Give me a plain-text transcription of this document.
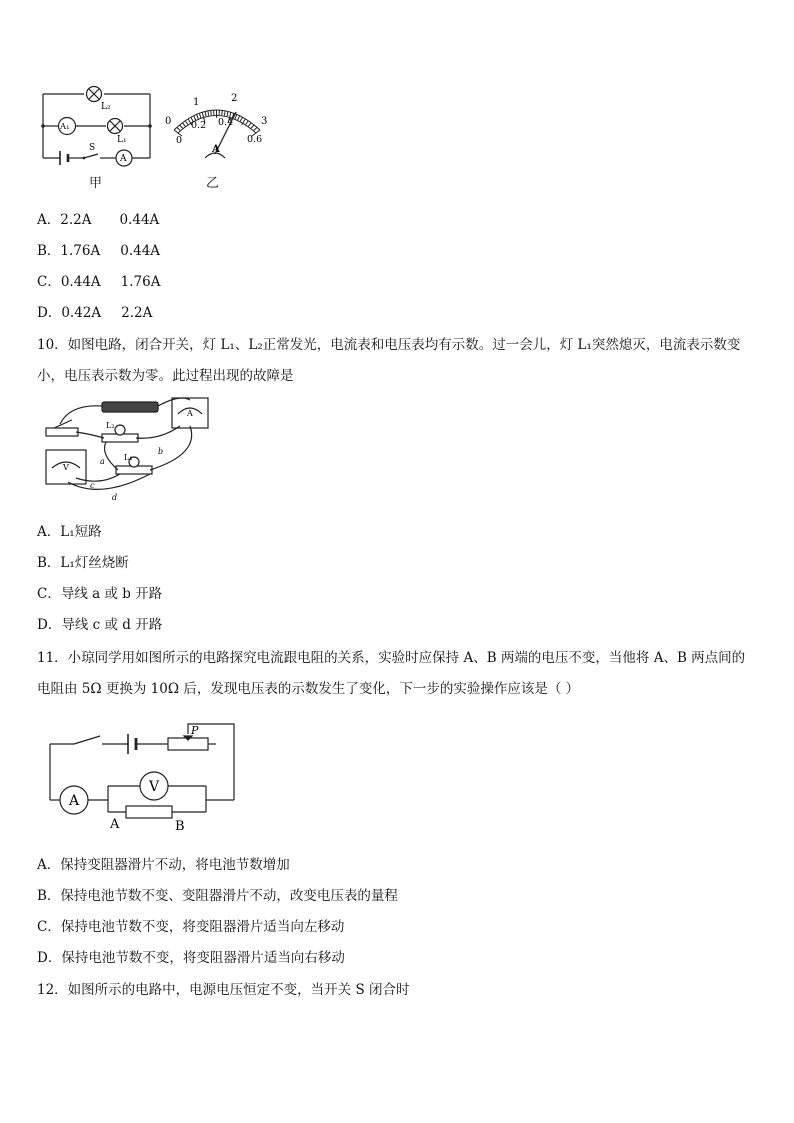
L₂
L₁
A₁
A
S
甲
0
1	2
3
0
0.2 0.4
0.6
A
乙
A．2.2A 0.44A
B．1.76A 0.44A
C．0.44A 1.76A
D．0.42A 2.2A
10．如图电路，闭合开关，灯 L₁、L₂正常发光，电流表和电压表均有示数。过一会儿，灯 L₁突然熄灭，电流表示数变
小，电压表示数为零。此过程出现的故障是
L₂
L₁
a
b
c
d
A
V
A．L₁短路
B．L₁灯丝烧断
C．导线 a 或 b 开路
D．导线 c 或 d 开路
11．小琼同学用如图所示的电路探究电流跟电阻的关系，实验时应保持 A、B 两端的电压不变，当他将 A、B 两点间的
电阻由 5Ω 更换为 10Ω 后，发现电压表的示数发生了变化，下一步的实验操作应该是（ ）
P
V
A
A	B
A．保持变阻器滑片不动，将电池节数增加
B．保持电池节数不变、变阻器滑片不动，改变电压表的量程
C．保持电池节数不变，将变阻器滑片适当向左移动
D．保持电池节数不变，将变阻器滑片适当向右移动
12．如图所示的电路中，电源电压恒定不变，当开关 S 闭合时
